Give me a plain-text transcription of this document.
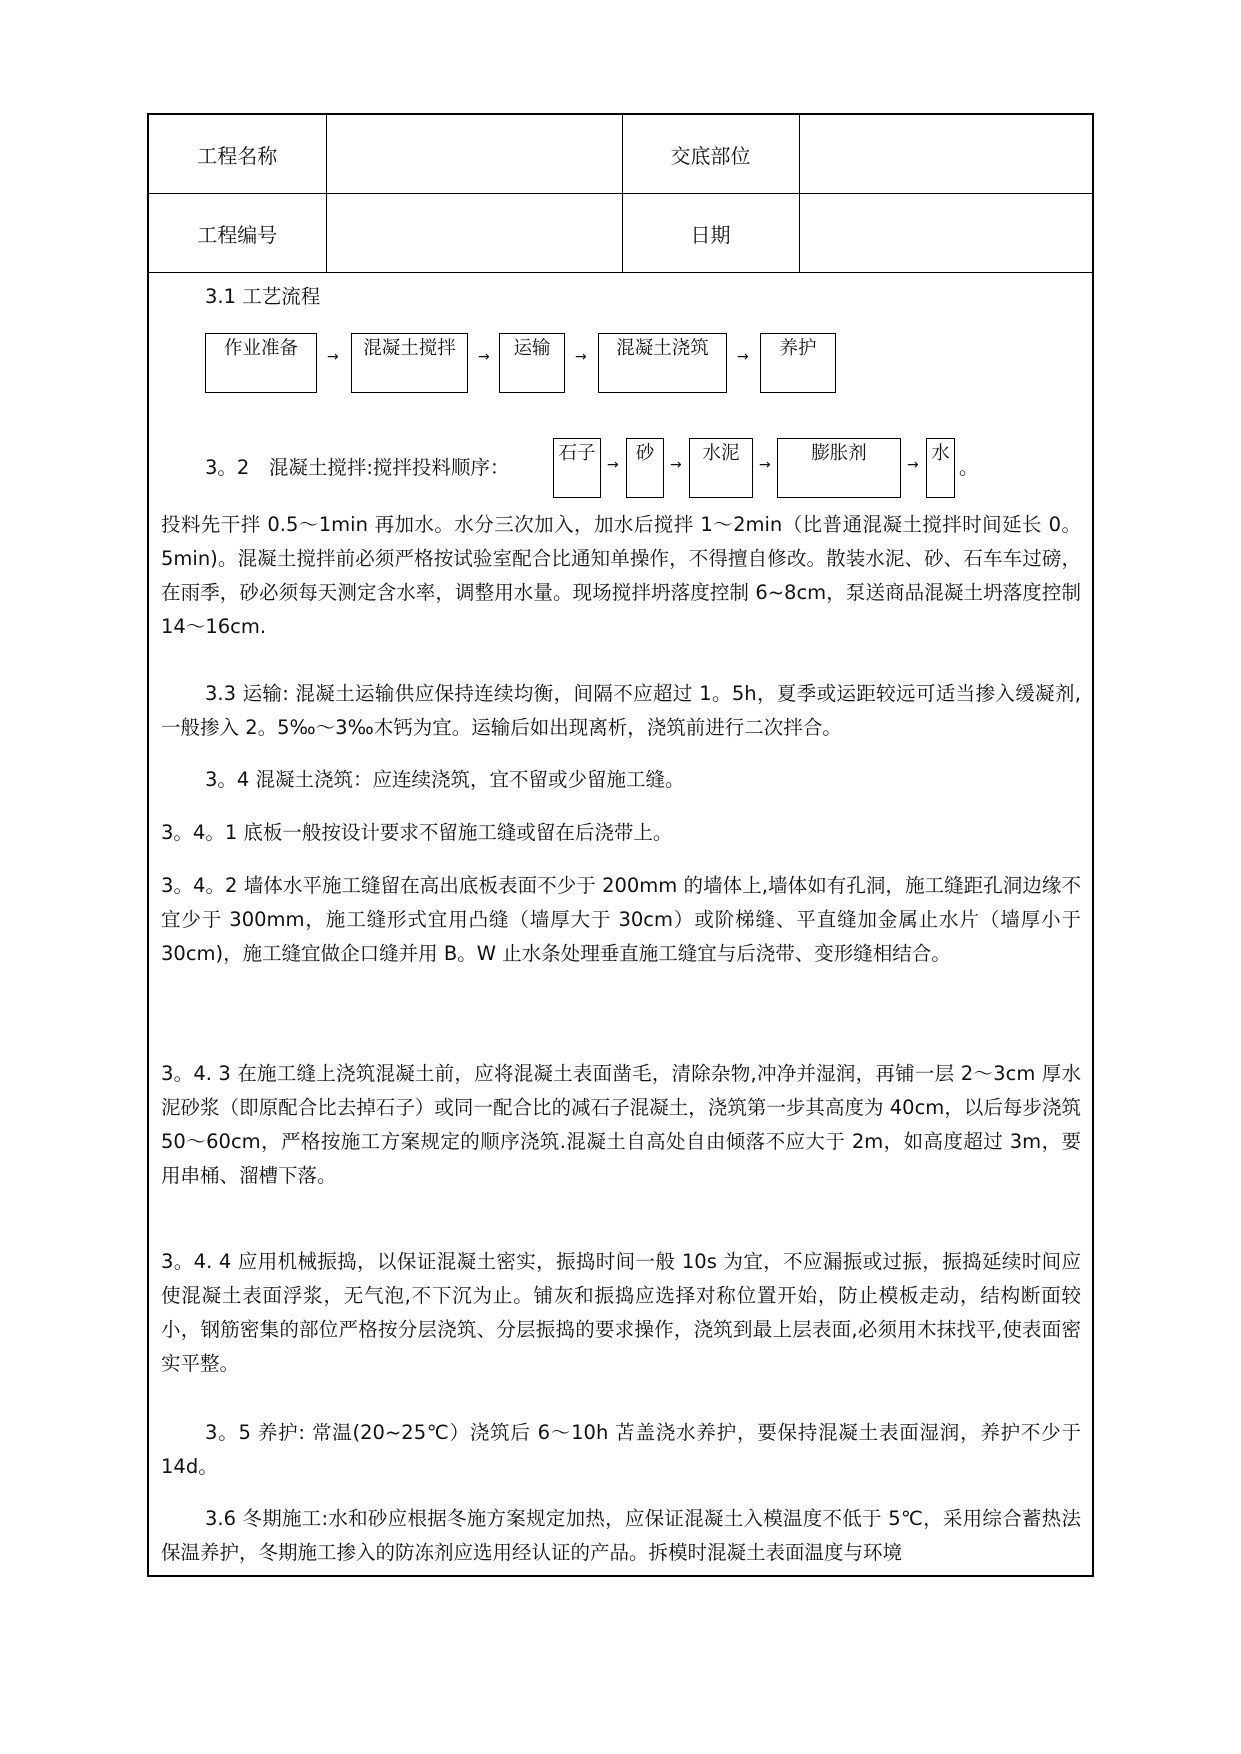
工程名称		交底部位	
工程编号		日期	
3.1 工艺流程
作业准备	→	混凝土搅拌	→	运输	→	混凝土浇筑	→	养护
3。2　混凝土搅拌:搅拌投料顺序：
石子
→
砂
→
水泥
→
膨胀剂
→
水
。

投料先干拌 0.5～1min 再加水。水分三次加入，加水后搅拌 1～2min（比普通混凝土搅拌时间延长 0。5min)。混凝土搅拌前必须严格按试验室配合比通知单操作，不得擅自修改。散装水泥、砂、石车车过磅，在雨季，砂必须每天测定含水率，调整用水量。现场搅拌坍落度控制 6~8cm，泵送商品混凝土坍落度控制 14～16cm.

3.3 运输: 混凝土运输供应保持连续均衡，间隔不应超过 1。5h，夏季或运距较远可适当掺入缓凝剂,一般掺入 2。5‰～3‰木钙为宜。运输后如出现离析，浇筑前进行二次拌合。

3。4 混凝土浇筑：应连续浇筑，宜不留或少留施工缝。

3。4。1 底板一般按设计要求不留施工缝或留在后浇带上。

3。4。2 墙体水平施工缝留在高出底板表面不少于 200mm 的墙体上,墙体如有孔洞，施工缝距孔洞边缘不宜少于 300mm，施工缝形式宜用凸缝（墙厚大于 30cm）或阶梯缝、平直缝加金属止水片（墙厚小于 30cm)，施工缝宜做企口缝并用 B。W 止水条处理垂直施工缝宜与后浇带、变形缝相结合。

3。4. 3 在施工缝上浇筑混凝土前，应将混凝土表面凿毛，清除杂物,冲净并湿润，再铺一层 2～3cm 厚水泥砂浆（即原配合比去掉石子）或同一配合比的减石子混凝土，浇筑第一步其高度为 40cm，以后每步浇筑 50～60cm，严格按施工方案规定的顺序浇筑.混凝土自高处自由倾落不应大于 2m，如高度超过 3m，要用串桶、溜槽下落。

3。4. 4 应用机械振捣，以保证混凝土密实，振捣时间一般 10s 为宜，不应漏振或过振，振捣延续时间应使混凝土表面浮浆，无气泡,不下沉为止。铺灰和振捣应选择对称位置开始，防止模板走动，结构断面较小，钢筋密集的部位严格按分层浇筑、分层振捣的要求操作，浇筑到最上层表面,必须用木抹找平,使表面密实平整。

3。5 养护: 常温(20~25℃）浇筑后 6～10h 苫盖浇水养护，要保持混凝土表面湿润，养护不少于 14d。

3.6 冬期施工:水和砂应根据冬施方案规定加热，应保证混凝土入模温度不低于 5℃，采用综合蓄热法保温养护，冬期施工掺入的防冻剂应选用经认证的产品。拆模时混凝土表面温度与环境
